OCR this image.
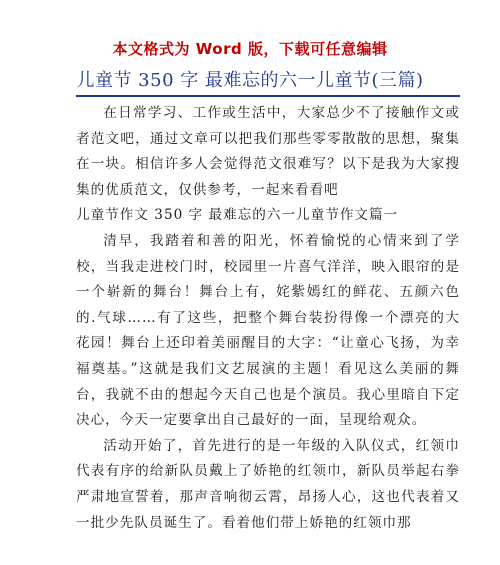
本文格式为 Word 版，下载可任意编辑
儿童节 350 字 最难忘的六一儿童节(三篇)

在日常学习、工作或生活中，大家总少不了接触作文或者范文吧，通过文章可以把我们那些零零散散的思想，聚集在一块。相信许多人会觉得范文很难写？以下是我为大家搜集的优质范文，仅供参考，一起来看看吧

儿童节作文 350 字 最难忘的六一儿童节作文篇一

清早，我踏着和善的阳光，怀着愉悦的心情来到了学校，当我走进校门时，校园里一片喜气洋洋，映入眼帘的是一个崭新的舞台！舞台上有，姹紫嫣红的鲜花、五颜六色的.气球……有了这些，把整个舞台装扮得像一个漂亮的大花园！舞台上还印着美丽醒目的大字：“让童心飞扬，为幸福奠基。”这就是我们文艺展演的主题！看见这么美丽的舞台，我就不由的想起今天自己也是个演员。我心里暗自下定决心，今天一定要拿出自己最好的一面，呈现给观众。

活动开始了，首先进行的是一年级的入队仪式，红领巾代表有序的给新队员戴上了娇艳的红领巾，新队员举起右拳严肃地宣誓着，那声音响彻云霄，昂扬人心，这也代表着又一批少先队员诞生了。看着他们带上娇艳的红领巾那
